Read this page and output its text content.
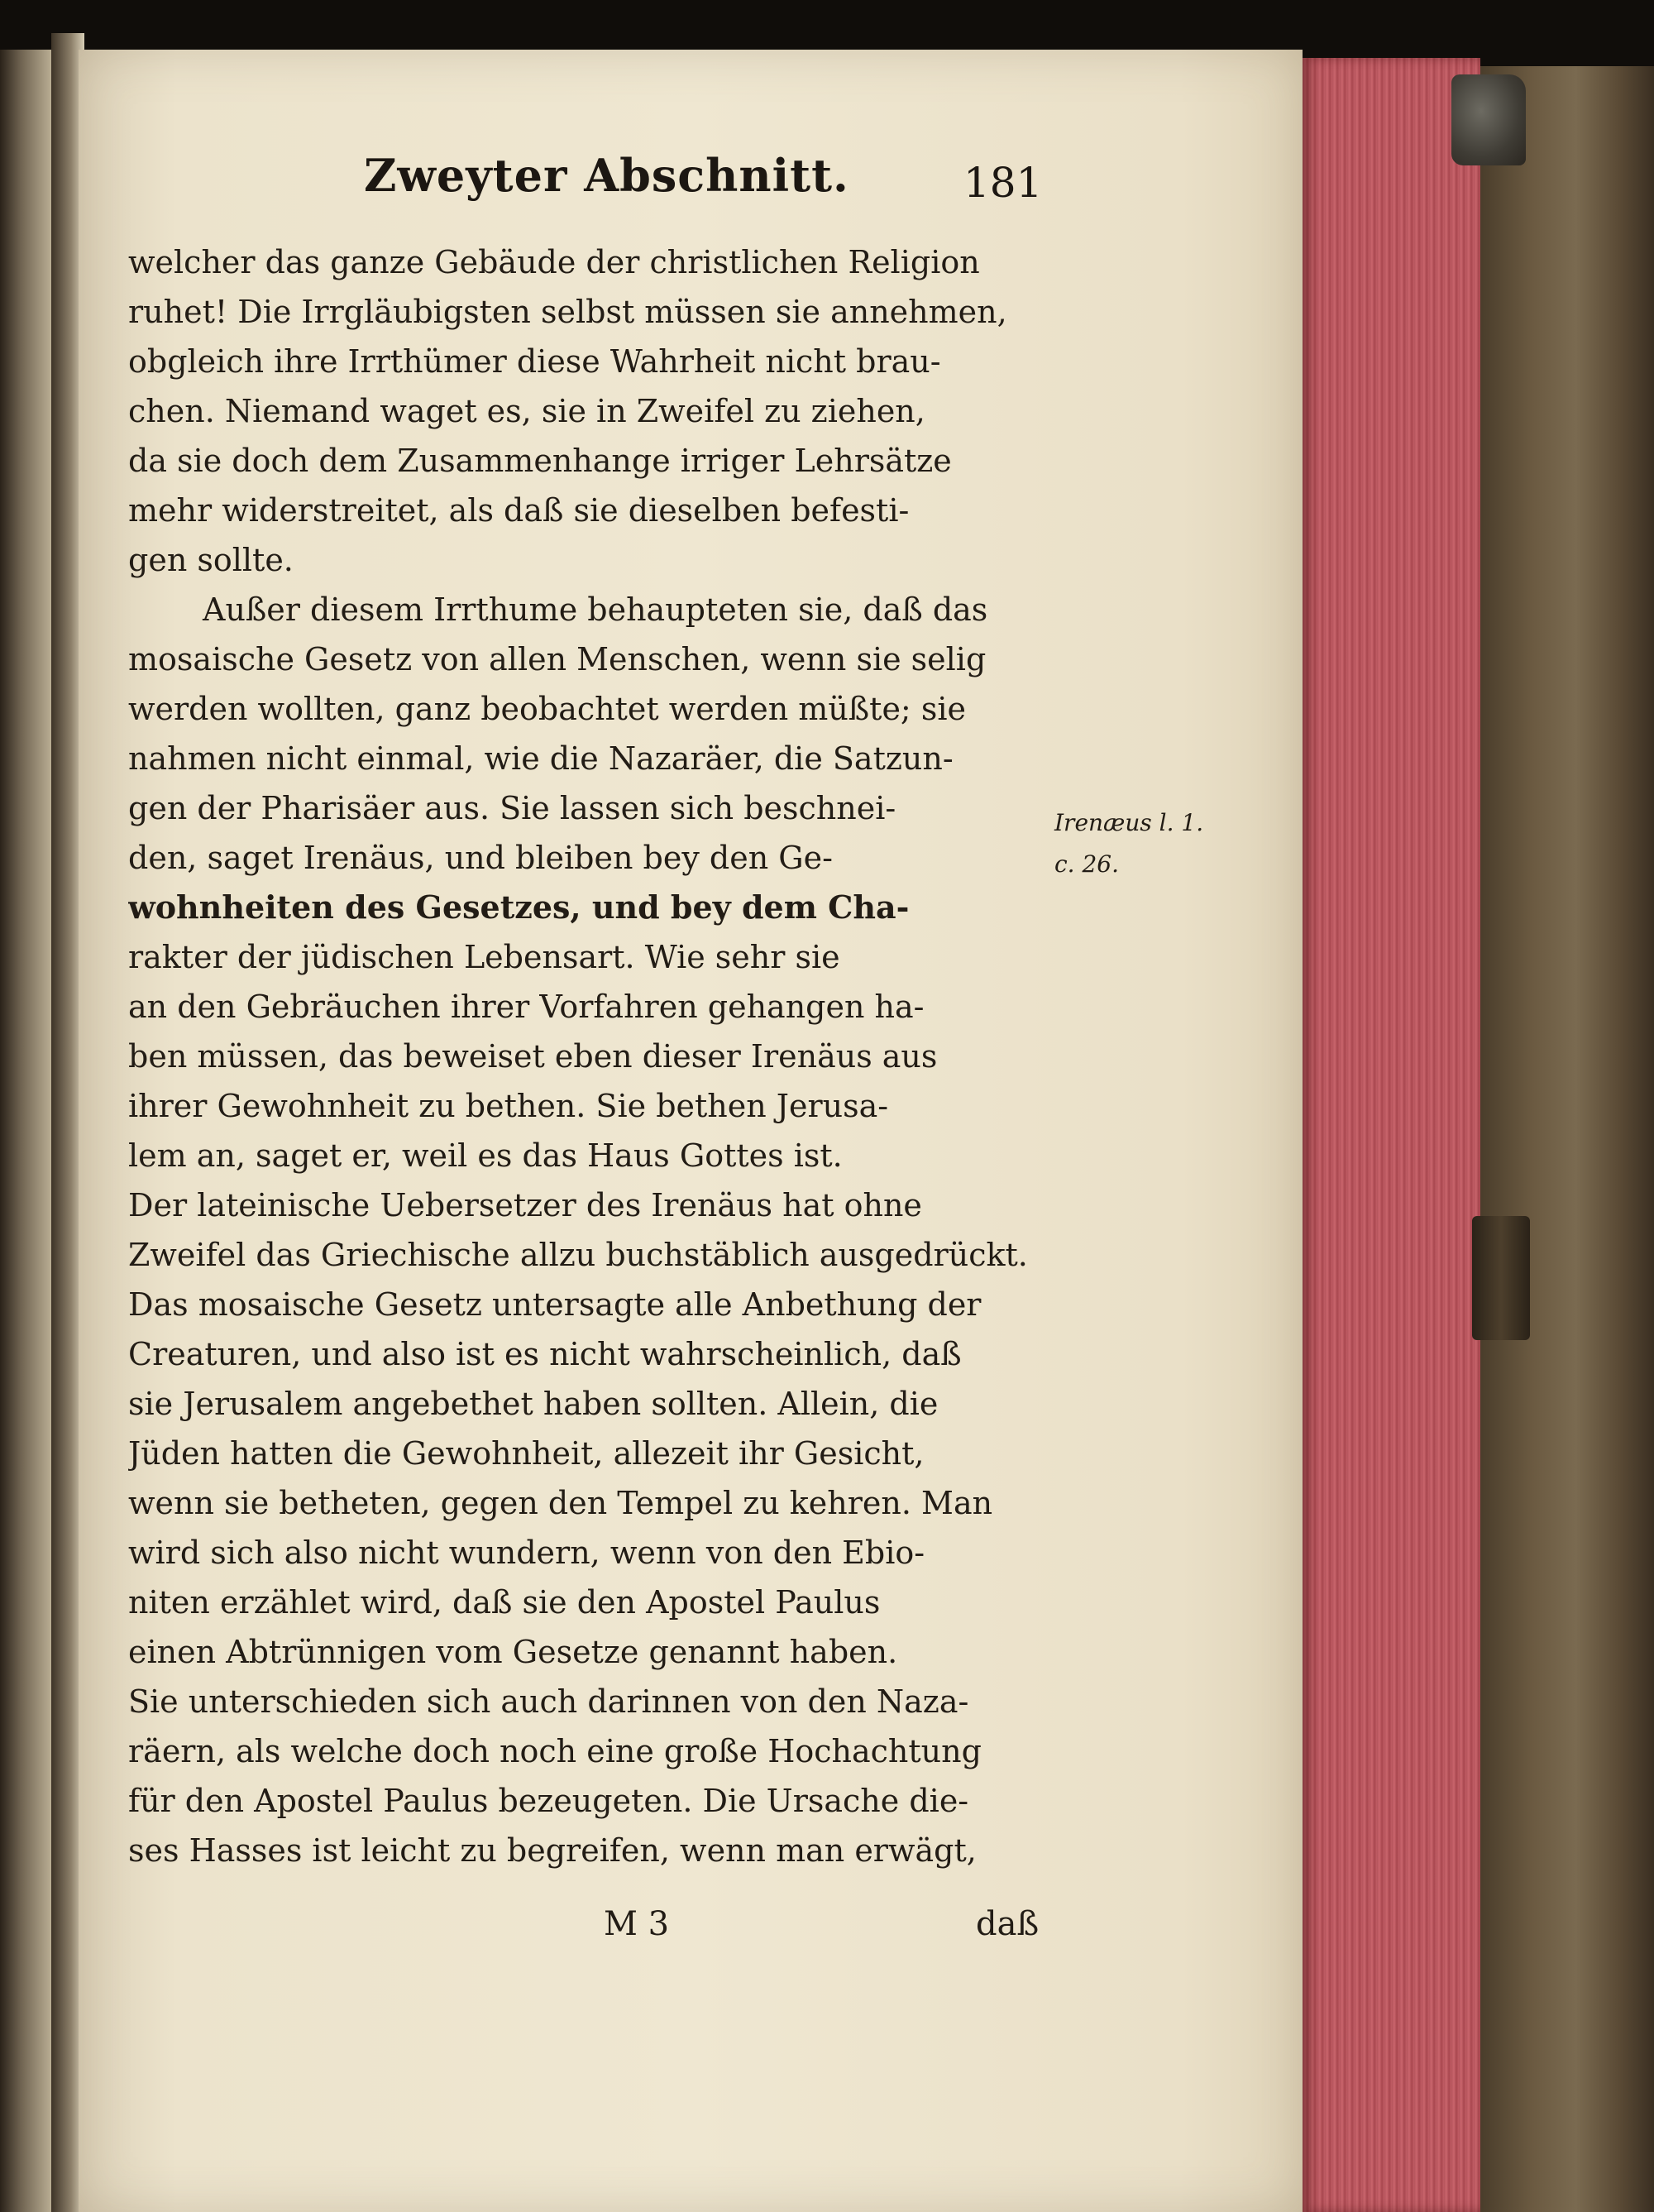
Zweyter Abschnitt.	181
welcher das ganze Gebäude der christlichen Religion
ruhet! Die Irrgläubigsten selbst müssen sie annehmen,
obgleich ihre Irrthümer diese Wahrheit nicht brau-
chen. Niemand waget es, sie in Zweifel zu ziehen,
da sie doch dem Zusammenhange irriger Lehrsätze
mehr widerstreitet, als daß sie dieselben befesti-
gen sollte.
Außer diesem Irrthume behaupteten sie, daß das
mosaische Gesetz von allen Menschen, wenn sie selig
werden wollten, ganz beobachtet werden müßte; sie
nahmen nicht einmal, wie die Nazaräer, die Satzun-
gen der Pharisäer aus. Sie lassen sich beschnei-
den, saget Irenäus, und bleiben bey den Ge-
wohnheiten des Gesetzes, und bey dem Cha-
rakter der jüdischen Lebensart. Wie sehr sie
an den Gebräuchen ihrer Vorfahren gehangen ha-
ben müssen, das beweiset eben dieser Irenäus aus
ihrer Gewohnheit zu bethen. Sie bethen Jerusa-
lem an, saget er, weil es das Haus Gottes ist.
Der lateinische Uebersetzer des Irenäus hat ohne
Zweifel das Griechische allzu buchstäblich ausgedrückt.
Das mosaische Gesetz untersagte alle Anbethung der
Creaturen, und also ist es nicht wahrscheinlich, daß
sie Jerusalem angebethet haben sollten. Allein, die
Jüden hatten die Gewohnheit, allezeit ihr Gesicht,
wenn sie betheten, gegen den Tempel zu kehren. Man
wird sich also nicht wundern, wenn von den Ebio-
niten erzählet wird, daß sie den Apostel Paulus
einen Abtrünnigen vom Gesetze genannt haben.
Sie unterschieden sich auch darinnen von den Naza-
räern, als welche doch noch eine große Hochachtung
für den Apostel Paulus bezeugeten. Die Ursache die-
ses Hasses ist leicht zu begreifen, wenn man erwägt,
Irenæus l. 1.
c. 26.
M 3	daß
